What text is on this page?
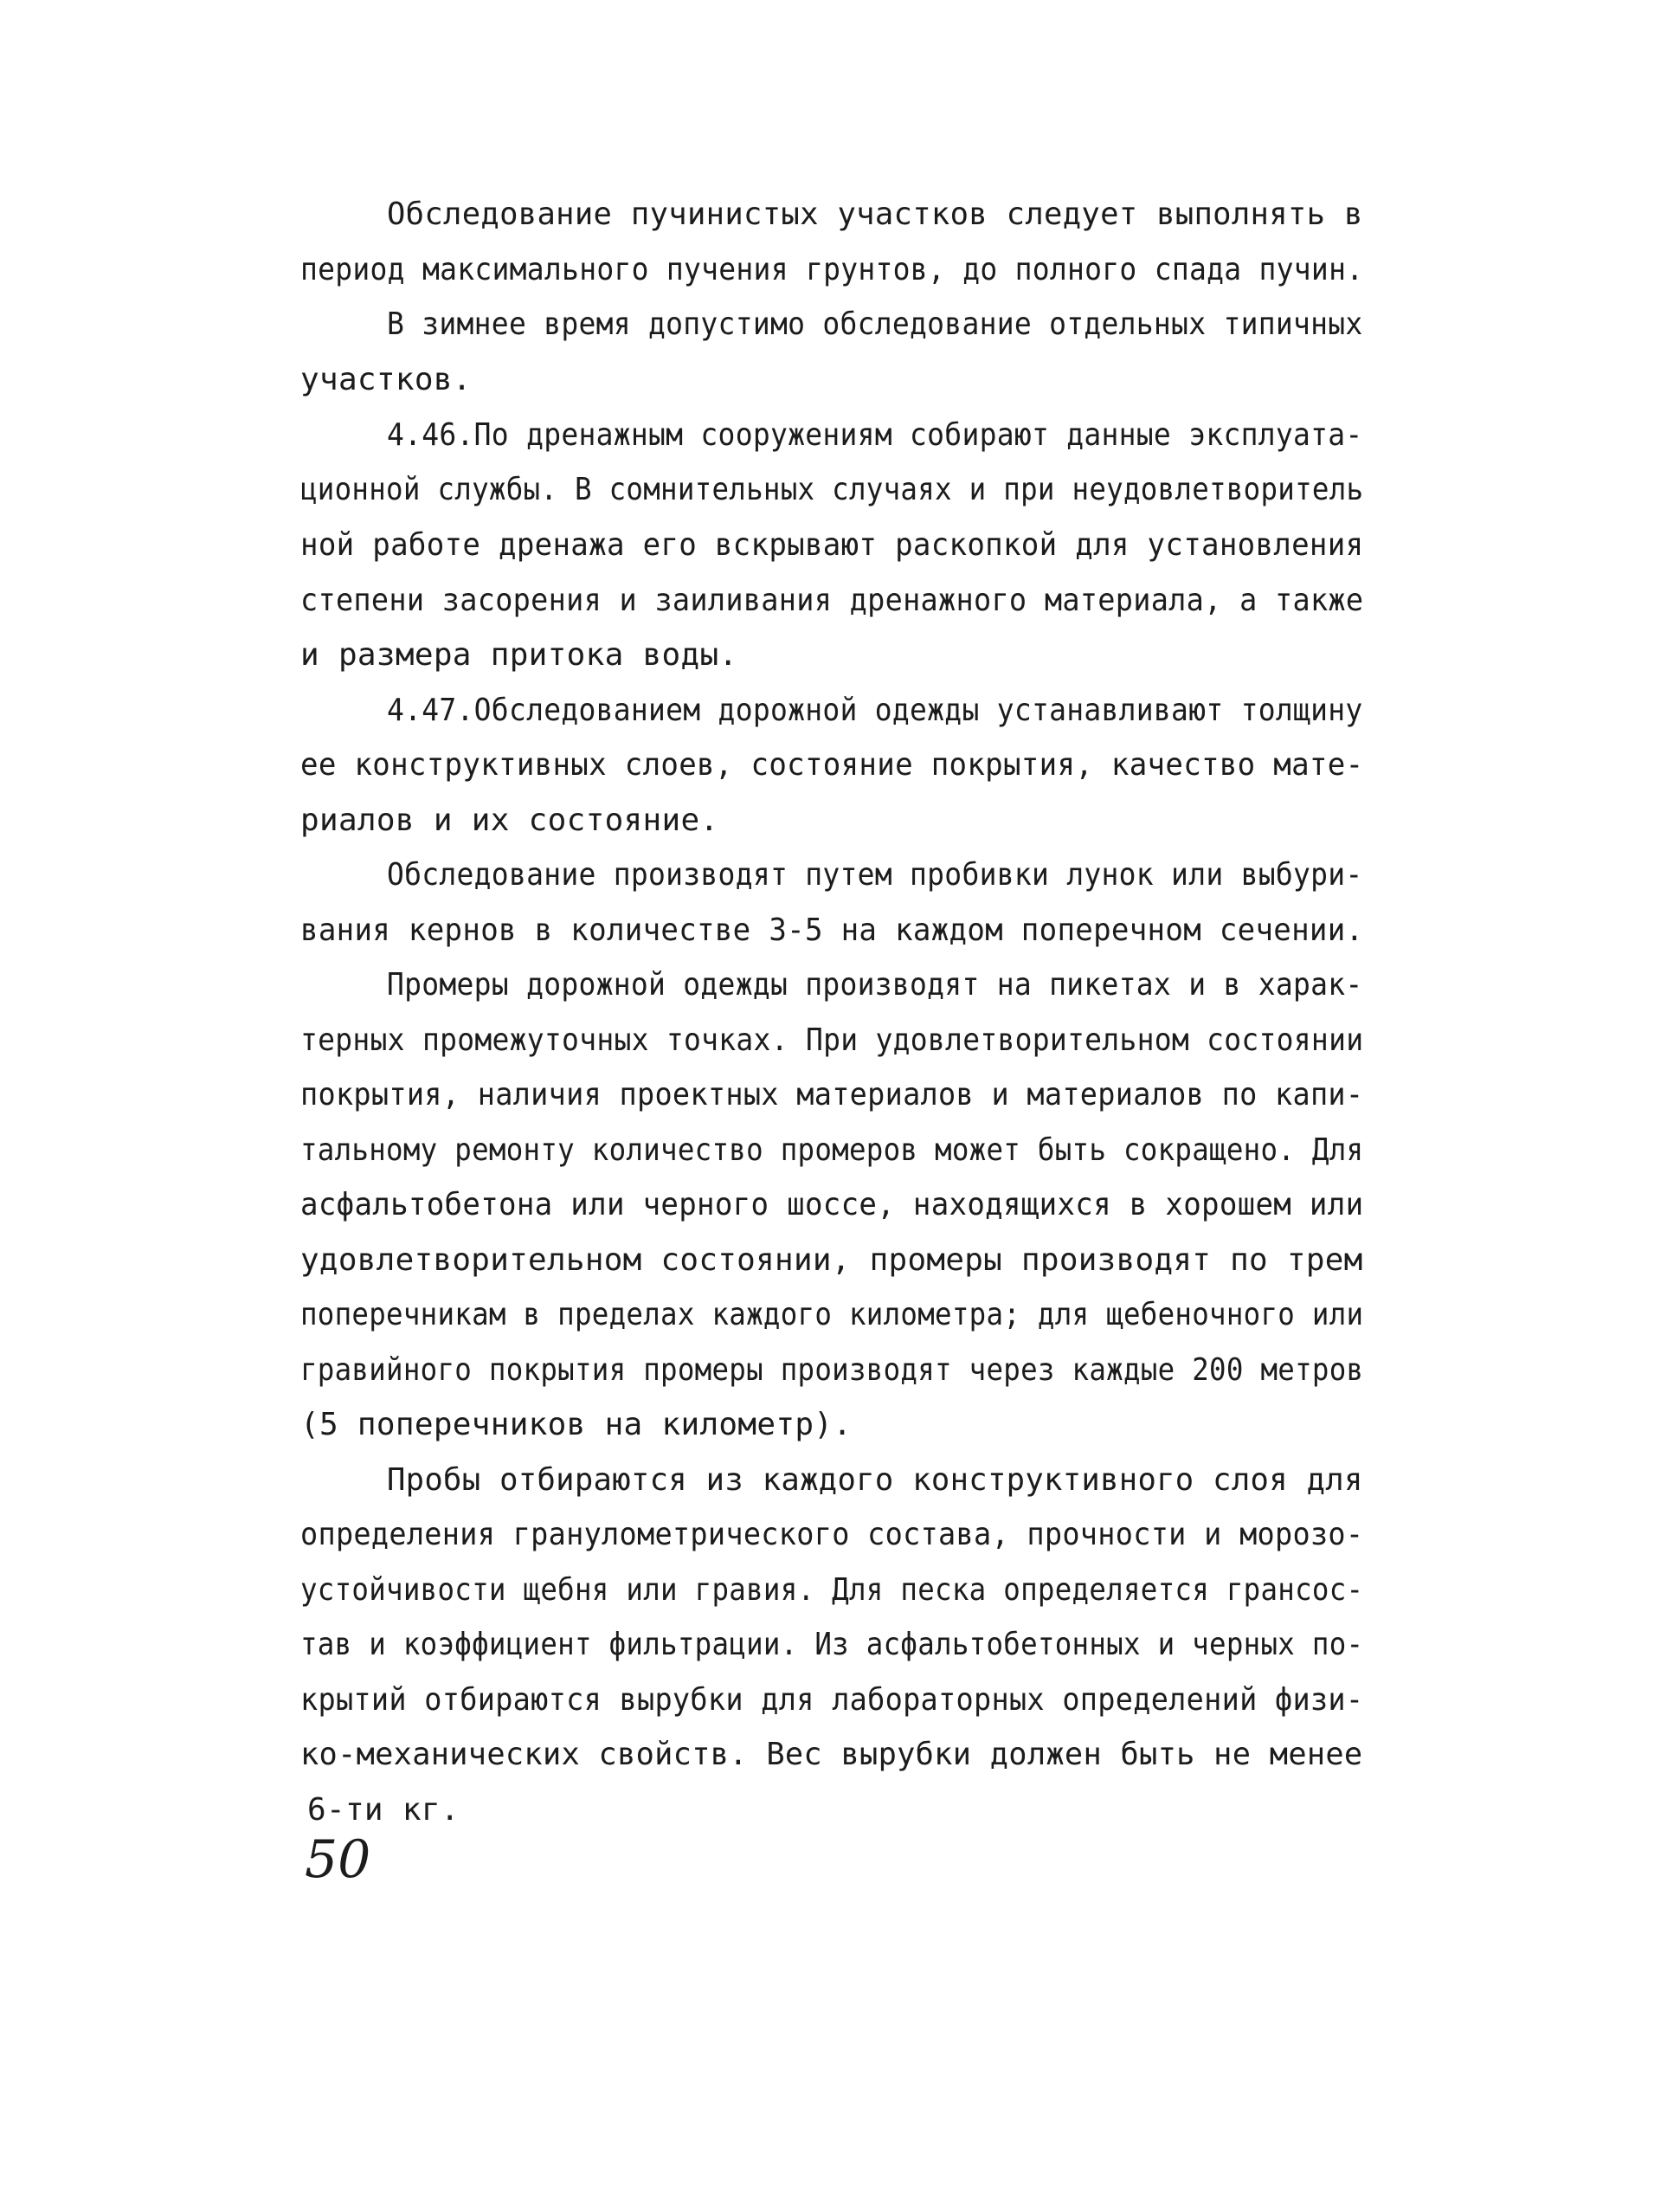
Обследование пучинистых участков следует выполнять в

период максимального пучения грунтов, до полного спада пучин.

В зимнее время допустимо обследование отдельных типичных

участков.

4.46.По дренажным сооружениям собирают данные эксплуата-

ционной службы. В сомнительных случаях и при неудовлетворитель

ной работе дренажа его вскрывают раскопкой для установления

степени засорения и заиливания дренажного материала, а также

и размера притока воды.

4.47.Обследованием дорожной одежды устанавливают толщину

ее конструктивных слоев, состояние покрытия, качество мате-

риалов и их состояние.

Обследование производят путем пробивки лунок или выбури-

вания кернов в количестве 3-5 на каждом поперечном сечении.

Промеры дорожной одежды производят на пикетах и в харак-

терных промежуточных точках. При удовлетворительном состоянии

покрытия, наличия проектных материалов и материалов по капи-

тальному ремонту количество промеров может быть сокращено. Для

асфальтобетона или черного шоссе, находящихся в хорошем или

удовлетворительном состоянии, промеры производят по трем

поперечникам в пределах каждого километра; для щебеночного или

гравийного покрытия промеры производят через каждые 200 метров

(5 поперечников на километр).

Пробы отбираются из каждого конструктивного слоя для

определения гранулометрического состава, прочности и морозо-

устойчивости щебня или гравия. Для песка определяется грансос-

тав и коэффициент фильтрации. Из асфальтобетонных и черных по-

крытий отбираются вырубки для лабораторных определений физи-

ко-механических свойств. Вес вырубки должен быть не менее

6-ти кг.

50
